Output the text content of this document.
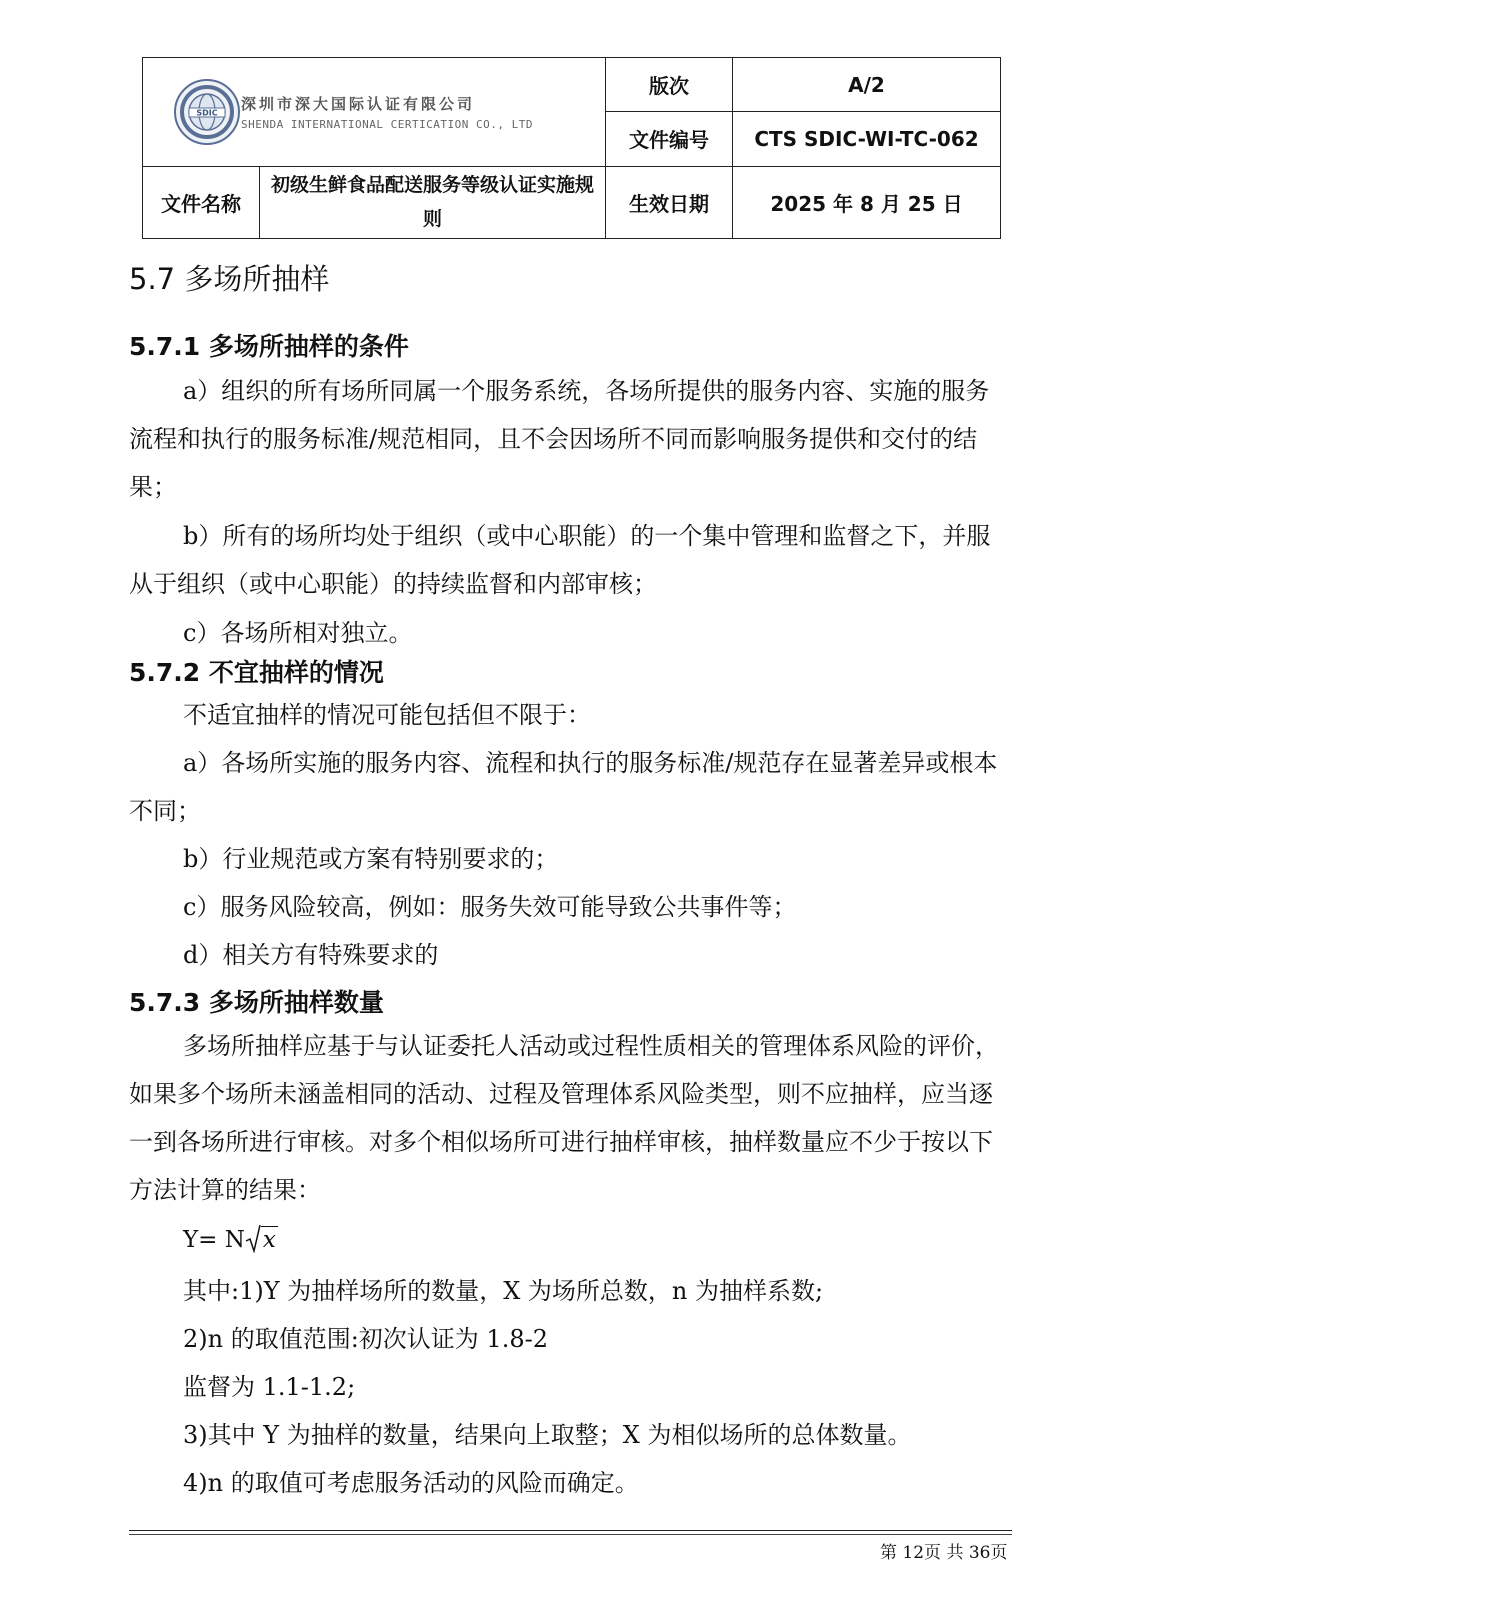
SDIC 深圳市深大国际认证有限公司
SHENDA INTERNATIONAL CERTICATION CO., LTD		版次	A/2
		文件编号	CTS SDIC-WI-TC-062
文件名称	初级生鲜食品配送服务等级认证实施规则	生效日期	2025 年 8 月 25 日
5.7 多场所抽样
5.7.1 多场所抽样的条件
a）组织的所有场所同属一个服务系统，各场所提供的服务内容、实施的服务流程和执行的服务标准/规范相同，且不会因场所不同而影响服务提供和交付的结果；
b）所有的场所均处于组织（或中心职能）的一个集中管理和监督之下，并服从于组织（或中心职能）的持续监督和内部审核；
c）各场所相对独立。
5.7.2 不宜抽样的情况
不适宜抽样的情况可能包括但不限于：
a）各场所实施的服务内容、流程和执行的服务标准/规范存在显著差异或根本不同；
b）行业规范或方案有特别要求的；
c）服务风险较高，例如：服务失效可能导致公共事件等；
d）相关方有特殊要求的
5.7.3 多场所抽样数量
多场所抽样应基于与认证委托人活动或过程性质相关的管理体系风险的评价，如果多个场所未涵盖相同的活动、过程及管理体系风险类型，则不应抽样，应当逐一到各场所进行审核。对多个相似场所可进行抽样审核，抽样数量应不少于按以下方法计算的结果：
Y= N x
其中:1)Y 为抽样场所的数量，X 为场所总数，n 为抽样系数;
2)n 的取值范围:初次认证为 1.8-2
监督为 1.1-1.2;
3)其中 Y 为抽样的数量，结果向上取整；X 为相似场所的总体数量。
4)n 的取值可考虑服务活动的风险而确定。
第 12页 共 36页
